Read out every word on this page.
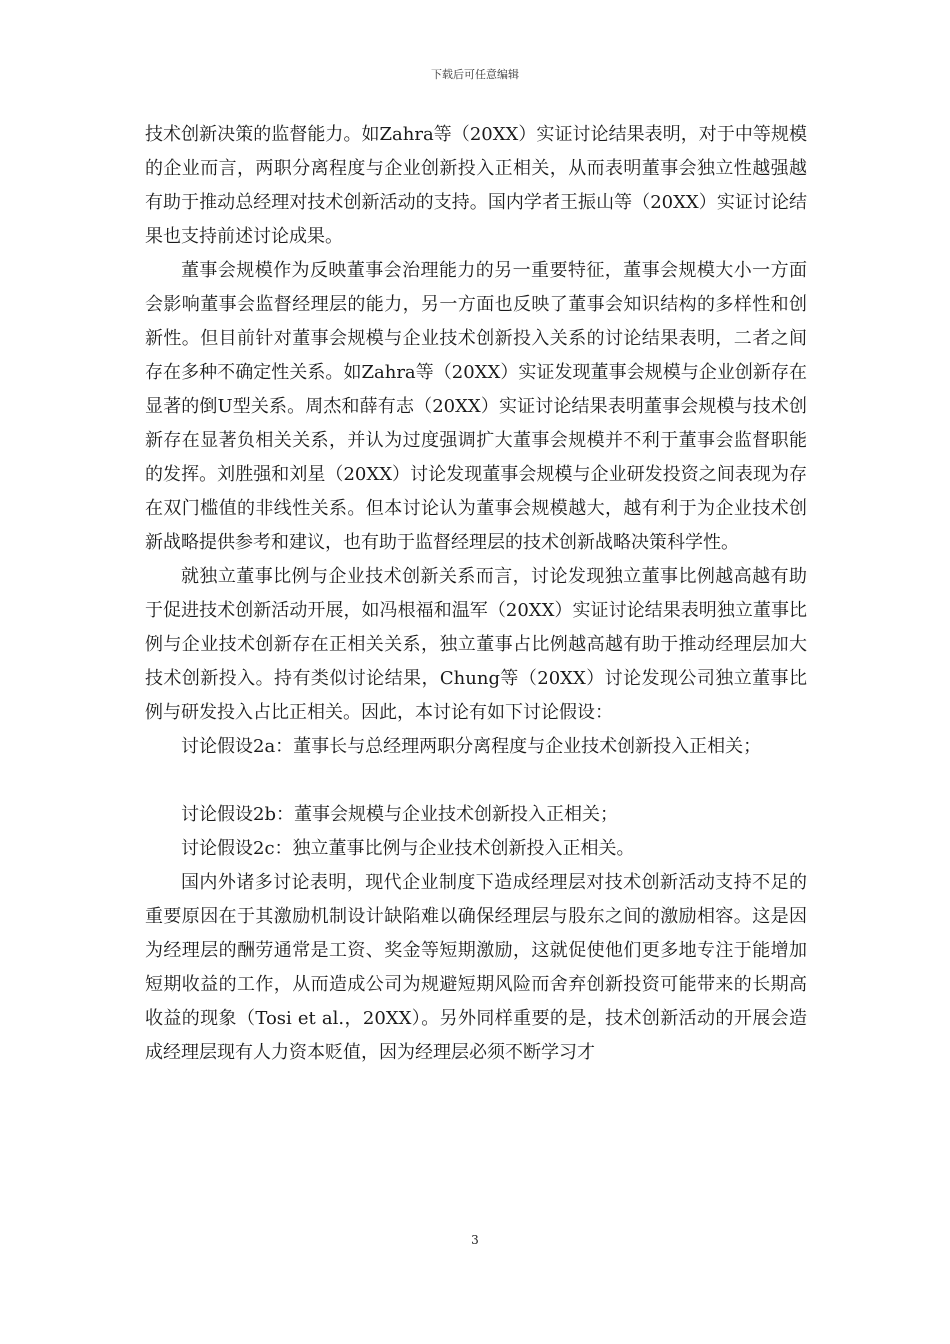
下载后可任意编辑

技术创新决策的监督能力。如Zahra等（20XX）实证讨论结果表明，对于中等规模的企业而言，两职分离程度与企业创新投入正相关，从而表明董事会独立性越强越有助于推动总经理对技术创新活动的支持。国内学者王振山等（20XX）实证讨论结果也支持前述讨论成果。

董事会规模作为反映董事会治理能力的另一重要特征，董事会规模大小一方面会影响董事会监督经理层的能力，另一方面也反映了董事会知识结构的多样性和创新性。但目前针对董事会规模与企业技术创新投入关系的讨论结果表明，二者之间存在多种不确定性关系。如Zahra等（20XX）实证发现董事会规模与企业创新存在显著的倒U型关系。周杰和薛有志（20XX）实证讨论结果表明董事会规模与技术创新存在显著负相关关系，并认为过度强调扩大董事会规模并不利于董事会监督职能的发挥。刘胜强和刘星（20XX）讨论发现董事会规模与企业研发投资之间表现为存在双门槛值的非线性关系。但本讨论认为董事会规模越大，越有利于为企业技术创新战略提供参考和建议，也有助于监督经理层的技术创新战略决策科学性。

就独立董事比例与企业技术创新关系而言，讨论发现独立董事比例越高越有助于促进技术创新活动开展，如冯根福和温军（20XX）实证讨论结果表明独立董事比例与企业技术创新存在正相关关系，独立董事占比例越高越有助于推动经理层加大技术创新投入。持有类似讨论结果，Chung等（20XX）讨论发现公司独立董事比例与研发投入占比正相关。因此，本讨论有如下讨论假设：

讨论假设2a：董事长与总经理两职分离程度与企业技术创新投入正相关；

讨论假设2b：董事会规模与企业技术创新投入正相关；

讨论假设2c：独立董事比例与企业技术创新投入正相关。

国内外诸多讨论表明，现代企业制度下造成经理层对技术创新活动支持不足的重要原因在于其激励机制设计缺陷难以确保经理层与股东之间的激励相容。这是因为经理层的酬劳通常是工资、奖金等短期激励，这就促使他们更多地专注于能增加短期收益的工作，从而造成公司为规避短期风险而舍弃创新投资可能带来的长期高收益的现象（Tosi et al.，20XX）。另外同样重要的是，技术创新活动的开展会造成经理层现有人力资本贬值，因为经理层必须不断学习才

3
